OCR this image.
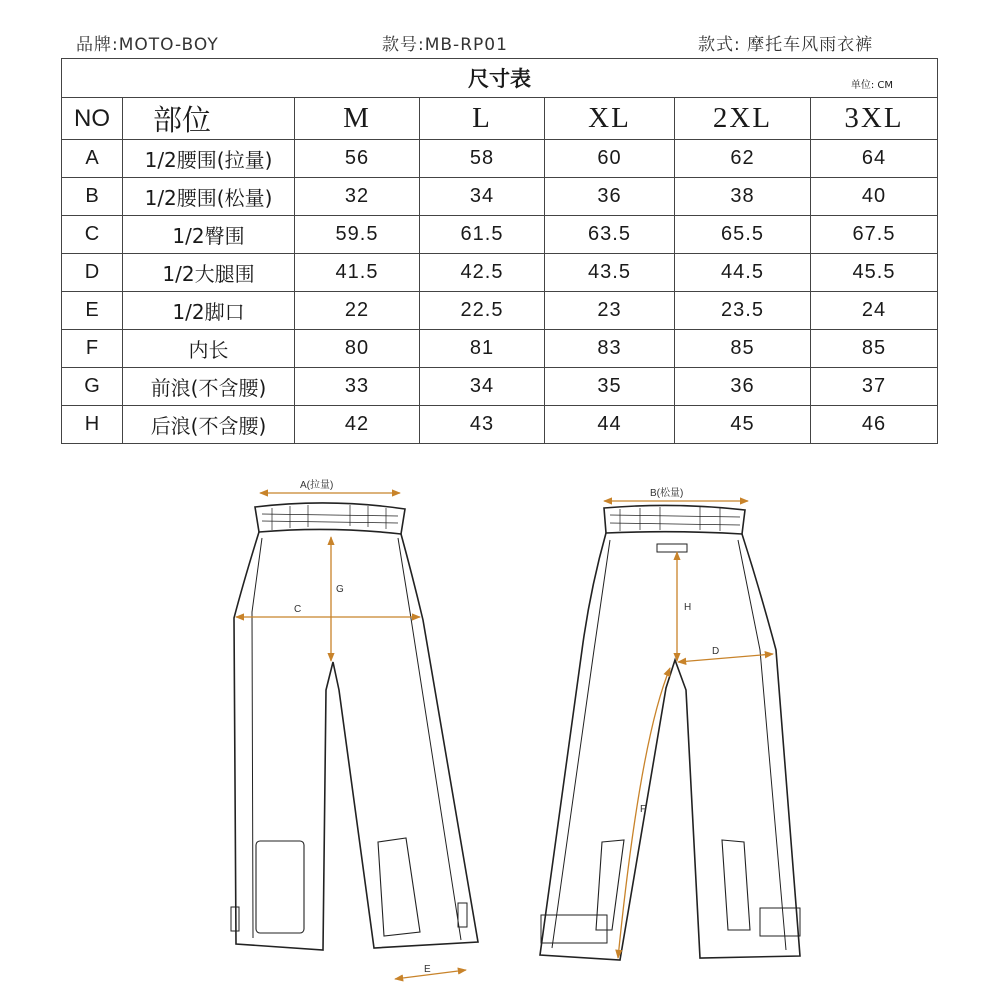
品牌:MOTO-BOY	款号:MB-RP01	款式: 摩托车风雨衣裤
尺寸表 单位: CM						

NO	部位	M	L	XL	2XL	3XL
A	1/2腰围(拉量)	56	58	60	62	64
B	1/2腰围(松量)	32	34	36	38	40
C	1/2臀围	59.5	61.5	63.5	65.5	67.5
D	1/2大腿围	41.5	42.5	43.5	44.5	45.5
E	1/2脚口	22	22.5	23	23.5	24
F	内长	80	81	83	85	85
G	前浪(不含腰)	33	34	35	36	37
H	后浪(不含腰)	42	43	44	45	46
A(拉量)
C
G
E
B(松量)
H
D
F
